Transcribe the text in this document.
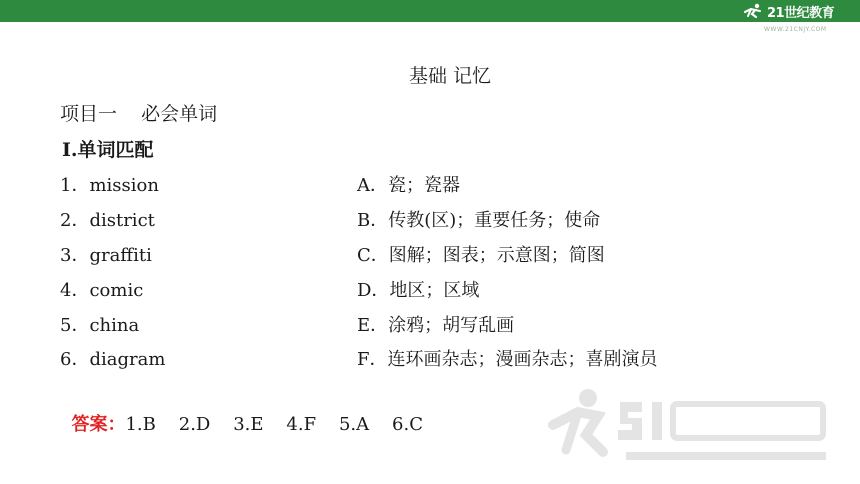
21世纪教育
WWW.21CNJY.COM
基础 记忆
项目一    必会单词
Ⅰ.单词匹配
1．mission	A．瓷；瓷器
2．district	B．传教(区)；重要任务；使命
3．graffiti	C．图解；图表；示意图；简图
4．comic	D．地区；区域
5．china	E．涂鸦；胡写乱画
6．diagram	F．连环画杂志；漫画杂志；喜剧演员

答案：1.B    2.D    3.E    4.F    5.A    6.C
